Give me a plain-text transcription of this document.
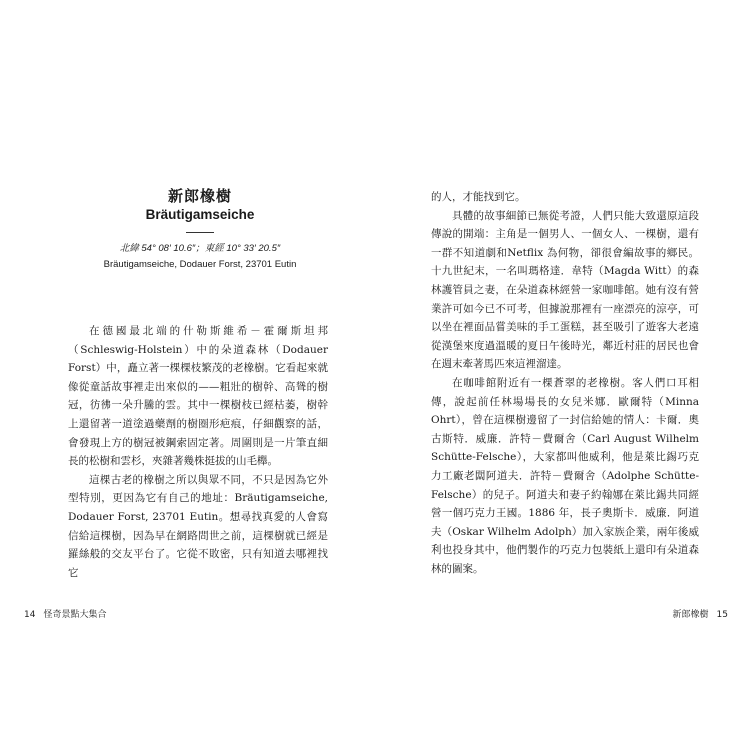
新郎橡樹
Bräutigamseiche
北緯 54° 08′ 10.6″；東經 10° 33′ 20.5″
Bräutigamseiche, Dodauer Forst, 23701 Eutin

在德國最北端的什勒斯維希－霍爾斯坦邦（Schleswig-Holstein）中的朵道森林（Dodauer Forst）中，矗立著一棵棵枝繁茂的老橡樹。它看起來就像從童話故事裡走出來似的——粗壯的樹幹、高聳的樹冠，彷彿一朵升騰的雲。其中一棵樹枝已經枯萎，樹幹上還留著一道塗過藥劑的樹圈形疤痕，仔細觀察的話，會發現上方的樹冠被鋼索固定著。周圍則是一片筆直細長的松樹和雲杉，夾雜著幾株挺拔的山毛櫸。

這棵古老的橡樹之所以與眾不同，不只是因為它外型特別，更因為它有自己的地址：Bräutigamseiche, Dodauer Forst, 23701 Eutin。想尋找真愛的人會寫信給這棵樹，因為早在網路問世之前，這棵樹就已經是羅絲般的交友平台了。它從不敗密，只有知道去哪裡找它

14 怪奇景點大集合

的人，才能找到它。

具體的故事細節已無從考證，人們只能大致還原這段傳說的開端：主角是一個男人、一個女人、一棵樹，還有一群不知道劇和Netflix 為何物，卻很會編故事的鄉民。十九世紀末，一名叫瑪格達．韋特（Magda Witt）的森林護管員之妻，在朵道森林經營一家咖啡館。她有沒有營業許可如今已不可考，但據說那裡有一座漂亮的涼亭，可以坐在裡面品嘗美味的手工蛋糕，甚至吸引了遊客大老遠從漢堡來度過溫暖的夏日午後時光，鄰近村莊的居民也會在週末牽著馬匹來這裡溜達。

在咖啡館附近有一棵蒼翠的老橡樹。客人們口耳相傳，說起前任林場場長的女兒米娜．歐爾特（Minna Ohrt），曾在這棵樹邊留了一封信給她的情人：卡爾．奧古斯特．威廉．許特－費爾舍（Carl August Wilhelm Schütte-Felsche），大家都叫他威利，他是萊比錫巧克力工廠老闆阿道夫．許特－費爾舍（Adolphe Schütte-Felsche）的兒子。阿道夫和妻子約翰娜在萊比錫共同經營一個巧克力王國。1886 年，長子奧斯卡．威廉．阿道夫（Oskar Wilhelm Adolph）加入家族企業，兩年後威利也投身其中，他們製作的巧克力包裝紙上還印有朵道森林的圖案。

新郎橡樹 15
